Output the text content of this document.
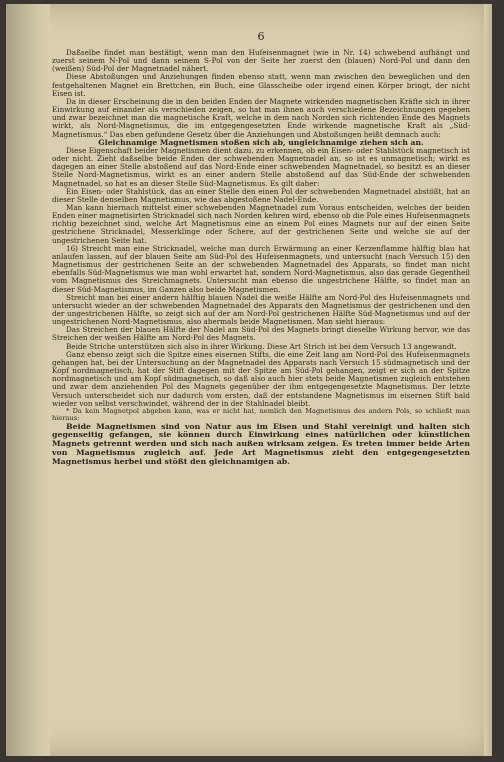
6

Daßselbe findet man bestätigt, wenn man den Hufeisenmagnet (wie in Nr. 14) schwebend aufhängt und zuerst seinem N-Pol und dann seinem S-Pol von der Seite her zuerst den (blauen) Nord-Pol und dann den (weißen) Süd-Pol der Magnetnadel nähert.

Diese Abstoßungen und Anziehungen finden ebenso statt, wenn man zwischen den beweglichen und den festgehaltenen Magnet ein Brettchen, ein Buch, eine Glasscheibe oder irgend einen Körper bringt, der nicht Eisen ist.

Da in dieser Erscheinung die in den beiden Enden der Magnete wirkenden magnetischen Kräfte sich in ihrer Einwirkung auf einander als verschieden zeigen, so hat man ihnen auch verschiedene Bezeichnungen gegeben und zwar bezeichnet man die magnetische Kraft, welche in dem nach Norden sich richtenden Ende des Magnets wirkt, als Nord-Magnetismus, die im entgegengesetzten Ende wirkende magnetische Kraft als „Süd-Magnetismus.“ Das eben gefundene Gesetz über die Anziehungen und Abstoßungen heißt demnach auch:

Gleichnamige Magnetismen stoßen sich ab, ungleichnamige ziehen sich an.

Diese Eigenschaft beider Magnetismen dient dazu, zu erkennen, ob ein Eisen- oder Stahlstück magnetisch ist oder nicht. Zieht daßselbe beide Enden der schwebenden Magnetnadel an, so ist es unmagnetisch; wirkt es dagegen an einer Stelle abstoßend auf das Nord-Ende einer schwebenden Magnetnadel, so besitzt es an dieser Stelle Nord-Magnetismus, wirkt es an einer andern Stelle abstoßend auf das Süd-Ende der schwebenden Magnetnadel, so hat es an dieser Stelle Süd-Magnetismus. Es gilt daher:

Ein Eisen- oder Stahlstück, das an einer Stelle den einen Pol der schwebenden Magnetnadel abstößt, hat an dieser Stelle denselben Magnetismus, wie das abgestoßene Nadel-Ende.

Man kann hiernach mittelst einer schwebenden Magnetnadel zum Voraus entscheiden, welches der beiden Enden einer magnetisirten Stricknadel sich nach Norden kehren wird, ebenso ob die Pole eines Hufeisenmagnets richtig bezeichnet sind, welche Art Magnetismus eine an einem Pol eines Magnets nur auf der einen Seite gestrichene Stricknadel, Messerklinge oder Schere, auf der gestrichenen Seite und welche sie auf der ungestrichenen Seite hat.

16) Streicht man eine Stricknadel, welche man durch Erwärmung an einer Kerzenflamme hälftig blau hat anlaufen lassen, auf der blauen Seite am Süd-Pol des Hufeisenmagnets, und untersucht (nach Versuch 15) den Magnetismus der gestrichenen Seite an der schwebenden Magnetnadel des Apparats, so findet man nicht ebenfalls Süd-Magnetismus wie man wohl erwartet hat, sondern Nord-Magnetismus, also das gerade Gegentheil vom Magnetismus des Streichmagnets. Untersucht man ebenso die ungestrichene Hälfte, so findet man an dieser Süd-Magnetismus, im Ganzen also beide Magnetismen.

Streicht man bei einer andern hälftig blauen Nadel die weiße Hälfte am Nord-Pol des Hufeisenmagnets und untersucht wieder an der schwebenden Magnetnadel des Apparats den Magnetismus der gestrichenen und den der ungestrichenen Hälfte, so zeigt sich auf der am Nord-Pol gestrichenen Hälfte Süd-Magnetismus und auf der ungestrichenen Nord-Magnetismus, also abermals beide Magnetismen. Man sieht hieraus:

Das Streichen der blauen Hälfte der Nadel am Süd-Pol des Magnets bringt dieselbe Wirkung hervor, wie das Streichen der weißen Hälfte am Nord-Pol des Magnets.

Beide Striche unterstützen sich also in ihrer Wirkung. Diese Art Strich ist bei dem Versuch 13 angewandt.

Ganz ebenso zeigt sich die Spitze eines eisernen Stifts, die eine Zeit lang am Nord-Pol des Hufeisenmagnets gehangen hat, bei der Untersuchung an der Magnetnadel des Apparats nach Versuch 15 südmagnetisch und der Kopf nordmagnetisch, hat der Stift dagegen mit der Spitze am Süd-Pol gehangen, zeigt er sich an der Spitze nordmagnetisch und am Kopf südmagnetisch, so daß also auch hier stets beide Magnetismen zugleich entstehen und zwar dem anziehenden Pol des Magnets gegenüber der ihm entgegengesetzte Magnetismus. Der letzte Versuch unterscheidet sich nur dadurch vom ersten, daß der entstandene Magnetismus im eisernen Stift bald wieder von selbst verschwindet, während der in der Stahlnadel bleibt.

* Da kein Magnetpol abgeben kann, was er nicht hat, nemlich den Magnetismus des andern Pols, so schließt man hieraus:

Beide Magnetismen sind von Natur aus im Eisen und Stahl vereinigt und halten sich gegenseitig gefangen, sie können durch Einwirkung eines natürlichen oder künstlichen Magnets getrennt werden und sich nach außen wirksam zeigen. Es treten immer beide Arten von Magnetismus zugleich auf. Jede Art Magnetismus zieht den entgegengesetzten Magnetismus herbei und stößt den gleichnamigen ab.
